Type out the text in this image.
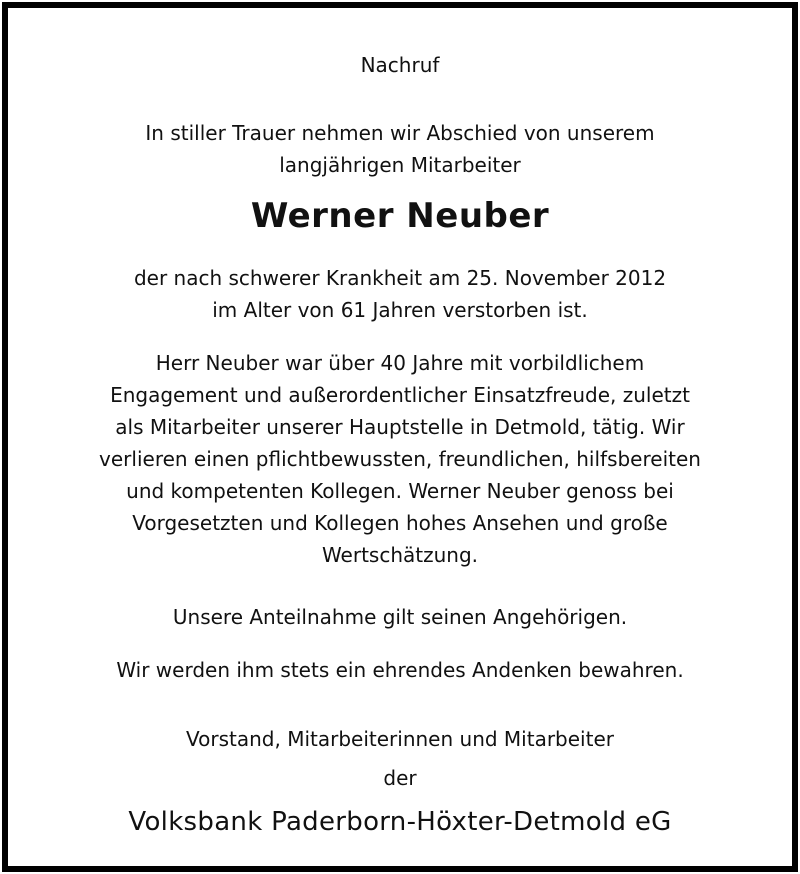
Nachruf
In stiller Trauer nehmen wir Abschied von unserem
langjährigen Mitarbeiter
Werner Neuber
der nach schwerer Krankheit am 25. November 2012
im Alter von 61 Jahren verstorben ist.
Herr Neuber war über 40 Jahre mit vorbildlichem
Engagement und außerordentlicher Einsatzfreude, zuletzt
als Mitarbeiter unserer Hauptstelle in Detmold, tätig. Wir
verlieren einen pflichtbewussten, freundlichen, hilfsbereiten
und kompetenten Kollegen. Werner Neuber genoss bei
Vorgesetzten und Kollegen hohes Ansehen und große
Wertschätzung.
Unsere Anteilnahme gilt seinen Angehörigen.
Wir werden ihm stets ein ehrendes Andenken bewahren.
Vorstand, Mitarbeiterinnen und Mitarbeiter
der
Volksbank Paderborn-Höxter-Detmold eG
